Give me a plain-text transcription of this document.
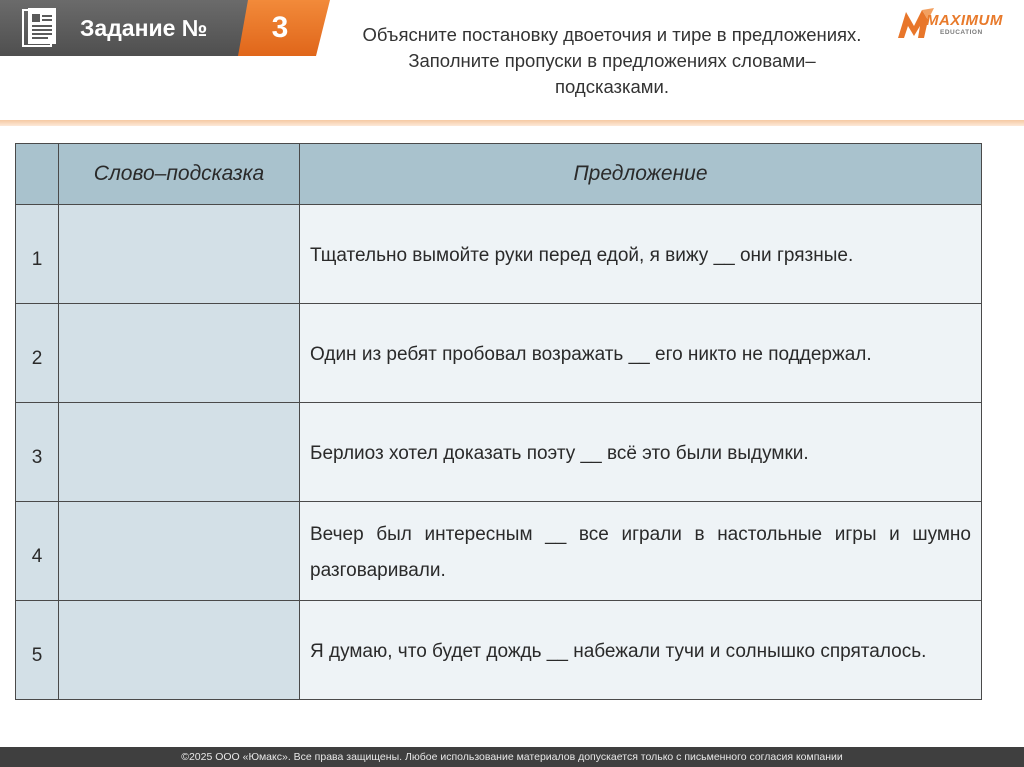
Задание №	3	Объясните постановку двоеточия и тире в предложениях.
Заполните пропуски в предложениях словами–
подсказками.
MAXIMUM
EDUCATION
	Слово–подсказка	Предложение
1		Тщательно вымойте руки перед едой, я вижу __ они грязные.
2		Один из ребят пробовал возражать __ его никто не поддержал.
3		Берлиоз хотел доказать поэту __ всё это были выдумки.
4		Вечер был интересным __ все играли в настольные игры и шумно разговаривали.
5		Я думаю, что будет дождь __ набежали тучи и солнышко спряталось.
©2025 ООО «Юмакс». Все права защищены. Любое использование материалов допускается только с письменного согласия компании
